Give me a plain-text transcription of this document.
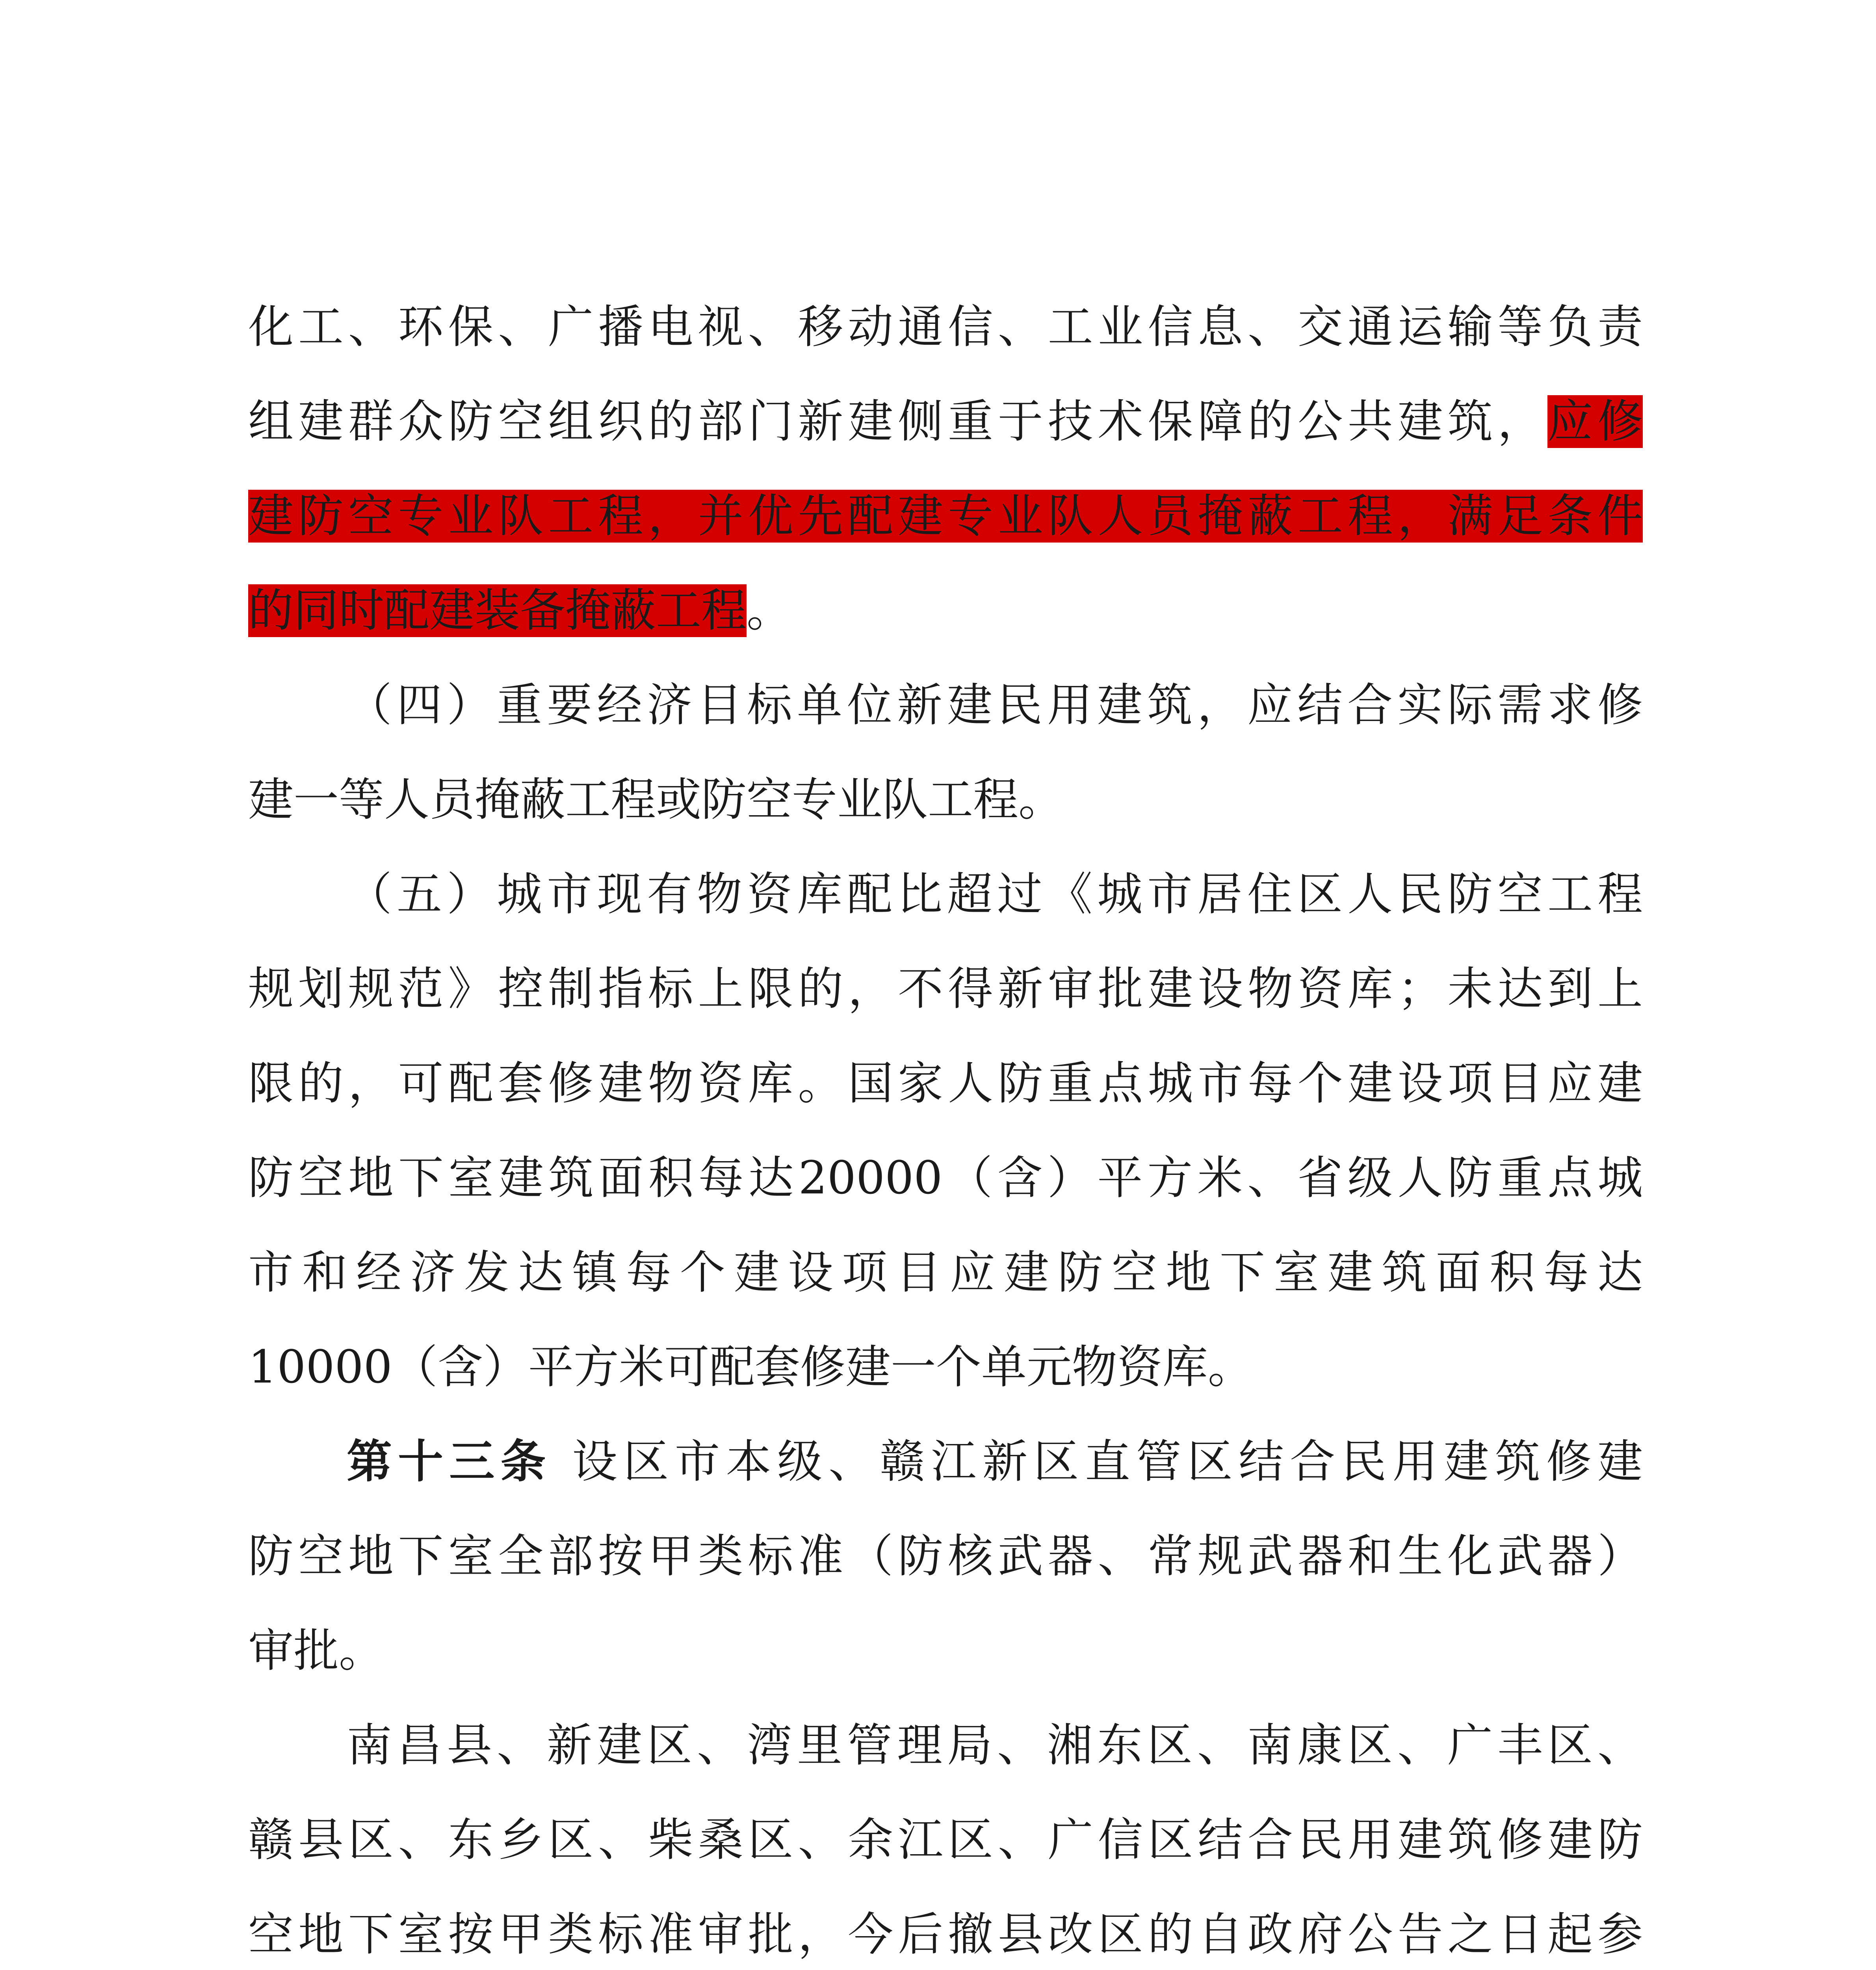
化工、环保、广播电视、移动通信、工业信息、交通运输等负责
组建群众防空组织的部门新建侧重于技术保障的公共建筑，应修
建防空专业队工程，并优先配建专业队人员掩蔽工程，满足条件
的同时配建装备掩蔽工程。
（四）重要经济目标单位新建民用建筑，应结合实际需求修
建一等人员掩蔽工程或防空专业队工程。
（五）城市现有物资库配比超过《城市居住区人民防空工程
规划规范》控制指标上限的，不得新审批建设物资库；未达到上
限的，可配套修建物资库。国家人防重点城市每个建设项目应建
防空地下室建筑面积每达20000（含）平方米、省级人防重点城
市和经济发达镇每个建设项目应建防空地下室建筑面积每达
10000（含）平方米可配套修建一个单元物资库。
第十三条 设区市本级、赣江新区直管区结合民用建筑修建
防空地下室全部按甲类标准（防核武器、常规武器和生化武器）
审批。
南昌县、新建区、湾里管理局、湘东区、南康区、广丰区、
赣县区、东乡区、柴桑区、余江区、广信区结合民用建筑修建防
空地下室按甲类标准审批，今后撤县改区的自政府公告之日起参
